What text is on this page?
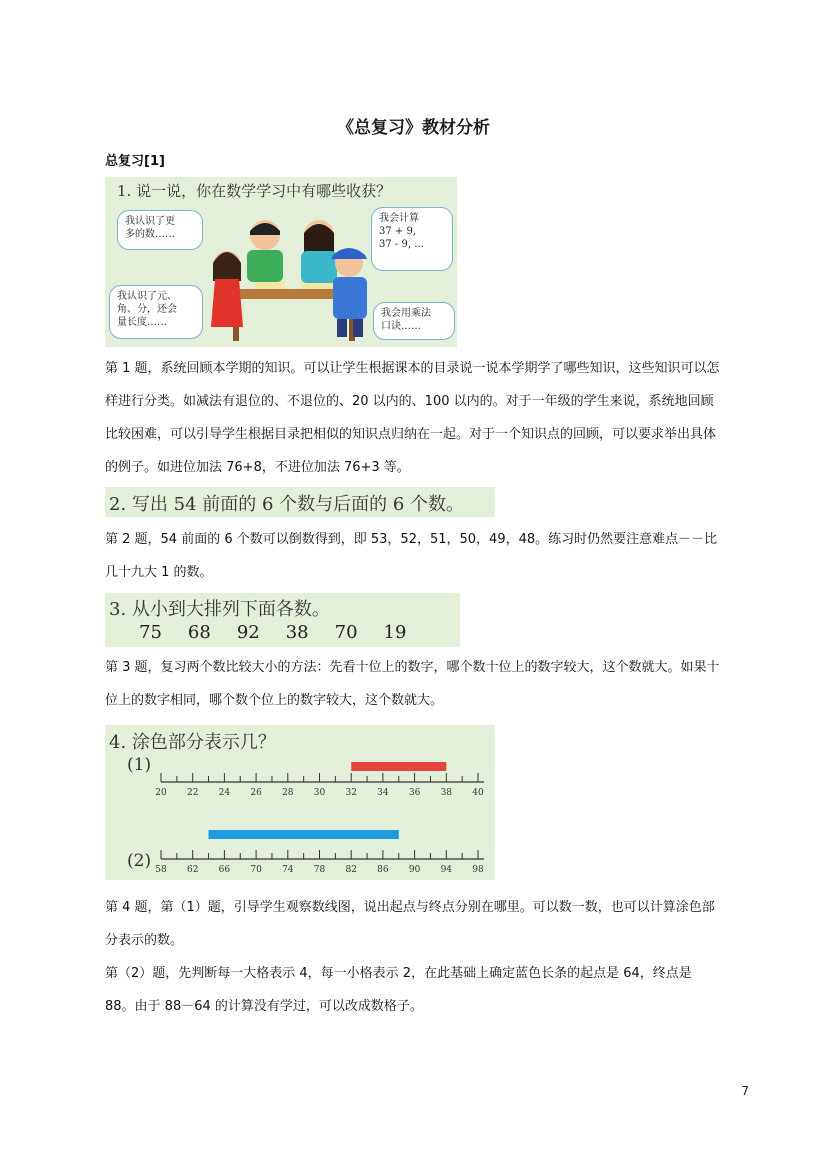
《总复习》教材分析
总复习[1]
1. 说一说，你在数学学习中有哪些收获？
我认识了更
多的数……
我会计算
37 + 9,
37 - 9, …
我认识了元、
角、分，还会
量长度……
我会用乘法
口诀……

第 1 题，系统回顾本学期的知识。可以让学生根据课本的目录说一说本学期学了哪些知识，这些知识可以怎样进行分类。如减法有退位的、不退位的、20 以内的、100 以内的。对于一年级的学生来说，系统地回顾比较困难，可以引导学生根据目录把相似的知识点归纳在一起。对于一个知识点的回顾，可以要求举出具体的例子。如进位加法 76+8，不进位加法 76+3 等。

2. 写出 54 前面的 6 个数与后面的 6 个数。

第 2 题，54 前面的 6 个数可以倒数得到，即 53，52，51，50，49，48。练习时仍然要注意难点－－比几十九大 1 的数。

3. 从小到大排列下面各数。
75 68 92 38 70 19

第 3 题，复习两个数比较大小的方法：先看十位上的数字，哪个数十位上的数字较大，这个数就大。如果十位上的数字相同，哪个数个位上的数字较大，这个数就大。

4. 涂色部分表示几？
(1)
(2)
20 22 24 26 28 30 32 34 36 38 40
58 62 66 70 74 78 82 86 90 94 98

第 4 题，第（1）题，引导学生观察数线图，说出起点与终点分别在哪里。可以数一数，也可以计算涂色部分表示的数。

第（2）题，先判断每一大格表示 4，每一小格表示 2，在此基础上确定蓝色长条的起点是 64，终点是 88。由于 88－64 的计算没有学过，可以改成数格子。

7
